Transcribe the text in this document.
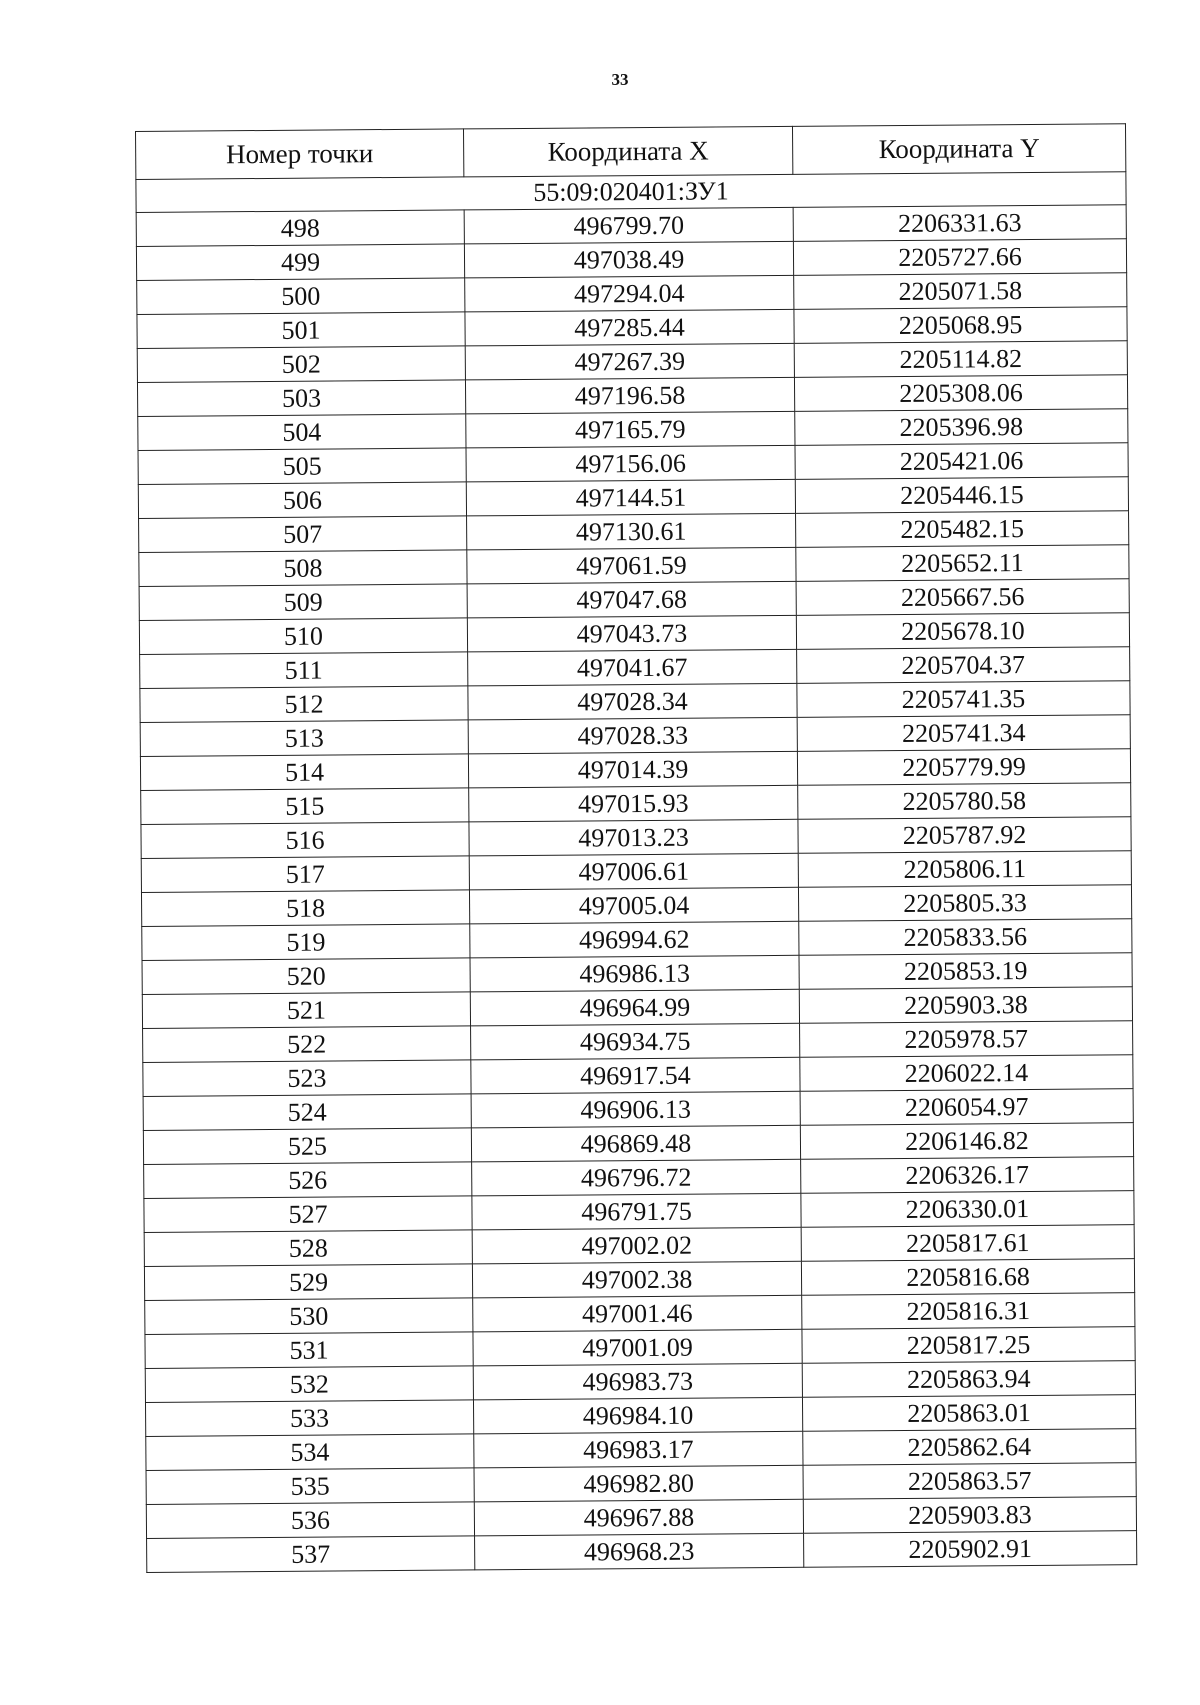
33
Номер точки	Координата X	Координата Y
55:09:020401:ЗУ1		
498	496799.70	2206331.63
499	497038.49	2205727.66
500	497294.04	2205071.58
501	497285.44	2205068.95
502	497267.39	2205114.82
503	497196.58	2205308.06
504	497165.79	2205396.98
505	497156.06	2205421.06
506	497144.51	2205446.15
507	497130.61	2205482.15
508	497061.59	2205652.11
509	497047.68	2205667.56
510	497043.73	2205678.10
511	497041.67	2205704.37
512	497028.34	2205741.35
513	497028.33	2205741.34
514	497014.39	2205779.99
515	497015.93	2205780.58
516	497013.23	2205787.92
517	497006.61	2205806.11
518	497005.04	2205805.33
519	496994.62	2205833.56
520	496986.13	2205853.19
521	496964.99	2205903.38
522	496934.75	2205978.57
523	496917.54	2206022.14
524	496906.13	2206054.97
525	496869.48	2206146.82
526	496796.72	2206326.17
527	496791.75	2206330.01
528	497002.02	2205817.61
529	497002.38	2205816.68
530	497001.46	2205816.31
531	497001.09	2205817.25
532	496983.73	2205863.94
533	496984.10	2205863.01
534	496983.17	2205862.64
535	496982.80	2205863.57
536	496967.88	2205903.83
537	496968.23	2205902.91
